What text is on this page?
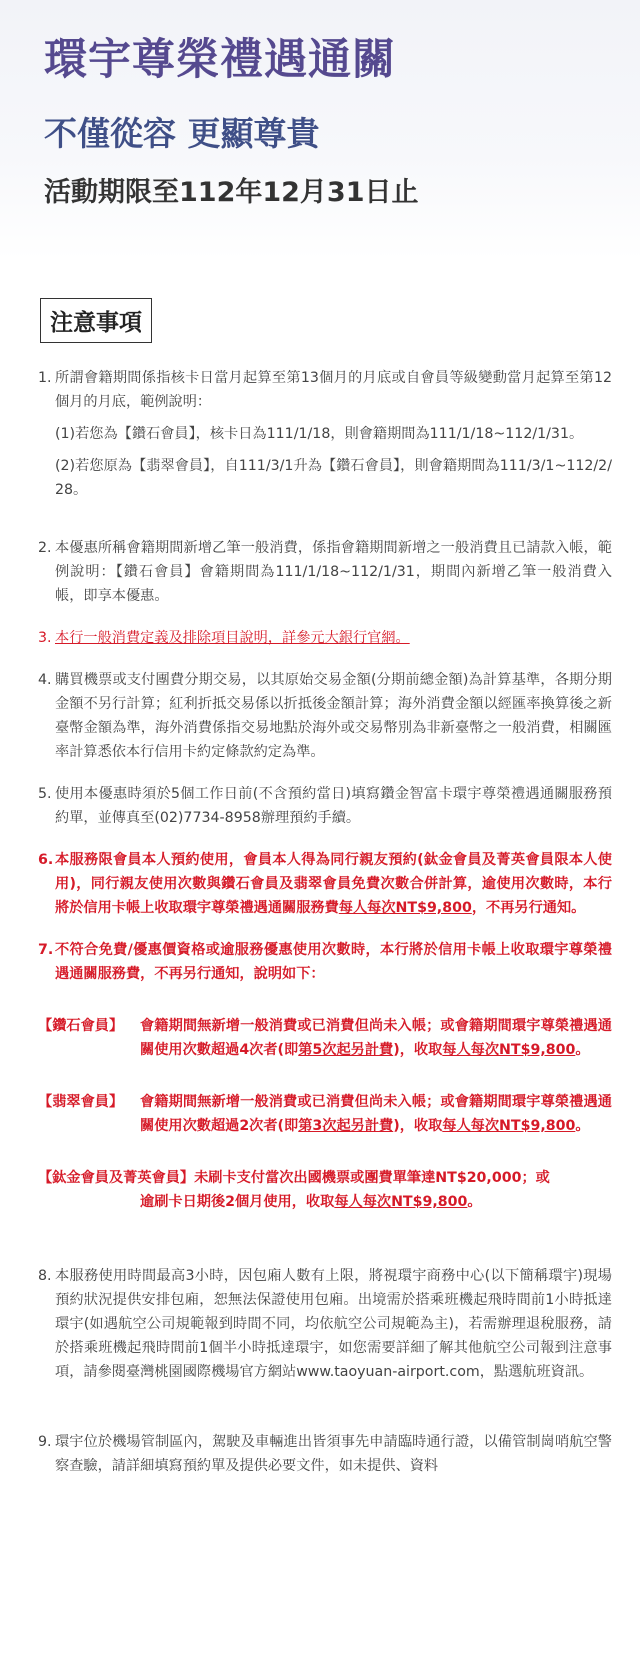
環宇尊榮禮遇通關
不僅從容 更顯尊貴

活動期限至112年12月31日止

注意事項

1. 所謂會籍期間係指核卡日當月起算至第13個月的月底或自會員等級變動當月起算至第12個月的月底，範例說明：

(1)若您為【鑽石會員】，核卡日為111/1/18，則會籍期間為111/1/18~112/1/31。

(2)若您原為【翡翠會員】，自111/3/1升為【鑽石會員】，則會籍期間為111/3/1~112/2/28。

2. 本優惠所稱會籍期間新增乙筆一般消費，係指會籍期間新增之一般消費且已請款入帳，範例說明：【鑽石會員】會籍期間為111/1/18~112/1/31，期間內新增乙筆一般消費入帳，即享本優惠。

3. 本行一般消費定義及排除項目說明，詳參元大銀行官網。

4. 購買機票或支付團費分期交易，以其原始交易金額(分期前總金額)為計算基準，各期分期金額不另行計算；紅利折抵交易係以折抵後金額計算；海外消費金額以經匯率換算後之新臺幣金額為準，海外消費係指交易地點於海外或交易幣別為非新臺幣之一般消費，相關匯率計算悉依本行信用卡約定條款約定為準。

5. 使用本優惠時須於5個工作日前(不含預約當日)填寫鑽金智富卡環宇尊榮禮遇通關服務預約單，並傳真至(02)7734-8958辦理預約手續。

6. 本服務限會員本人預約使用，會員本人得為同行親友預約(鈦金會員及菁英會員限本人使用)，同行親友使用次數與鑽石會員及翡翠會員免費次數合併計算，逾使用次數時，本行將於信用卡帳上收取環宇尊榮禮遇通關服務費每人每次NT$9,800，不再另行通知。

7. 不符合免費/優惠價資格或逾服務優惠使用次數時，本行將於信用卡帳上收取環宇尊榮禮遇通關服務費，不再另行通知，說明如下：

【鑽石會員】	會籍期間無新增一般消費或已消費但尚未入帳；或會籍期間環宇尊榮禮遇通關使用次數超過4次者(即第5次起另計費)，收取每人每次NT$9,800。
【翡翠會員】	會籍期間無新增一般消費或已消費但尚未入帳；或會籍期間環宇尊榮禮遇通關使用次數超過2次者(即第3次起另計費)，收取每人每次NT$9,800。
【鈦金會員及菁英會員】未刷卡支付當次出國機票或團費單筆達NT$20,000；或
逾刷卡日期後2個月使用，收取每人每次NT$9,800。

8. 本服務使用時間最高3小時，因包廂人數有上限，將視環宇商務中心(以下簡稱環宇)現場預約狀況提供安排包廂，恕無法保證使用包廂。出境需於搭乘班機起飛時間前1小時抵達環宇(如遇航空公司規範報到時間不同，均依航空公司規範為主)，若需辦理退稅服務，請於搭乘班機起飛時間前1個半小時抵達環宇，如您需要詳細了解其他航空公司報到注意事項，請參閱臺灣桃園國際機場官方網站www.taoyuan-airport.com，點選航班資訊。

9. 環宇位於機場管制區內，駕駛及車輛進出皆須事先申請臨時通行證，以備管制崗哨航空警察查驗，請詳細填寫預約單及提供必要文件，如未提供、資料
